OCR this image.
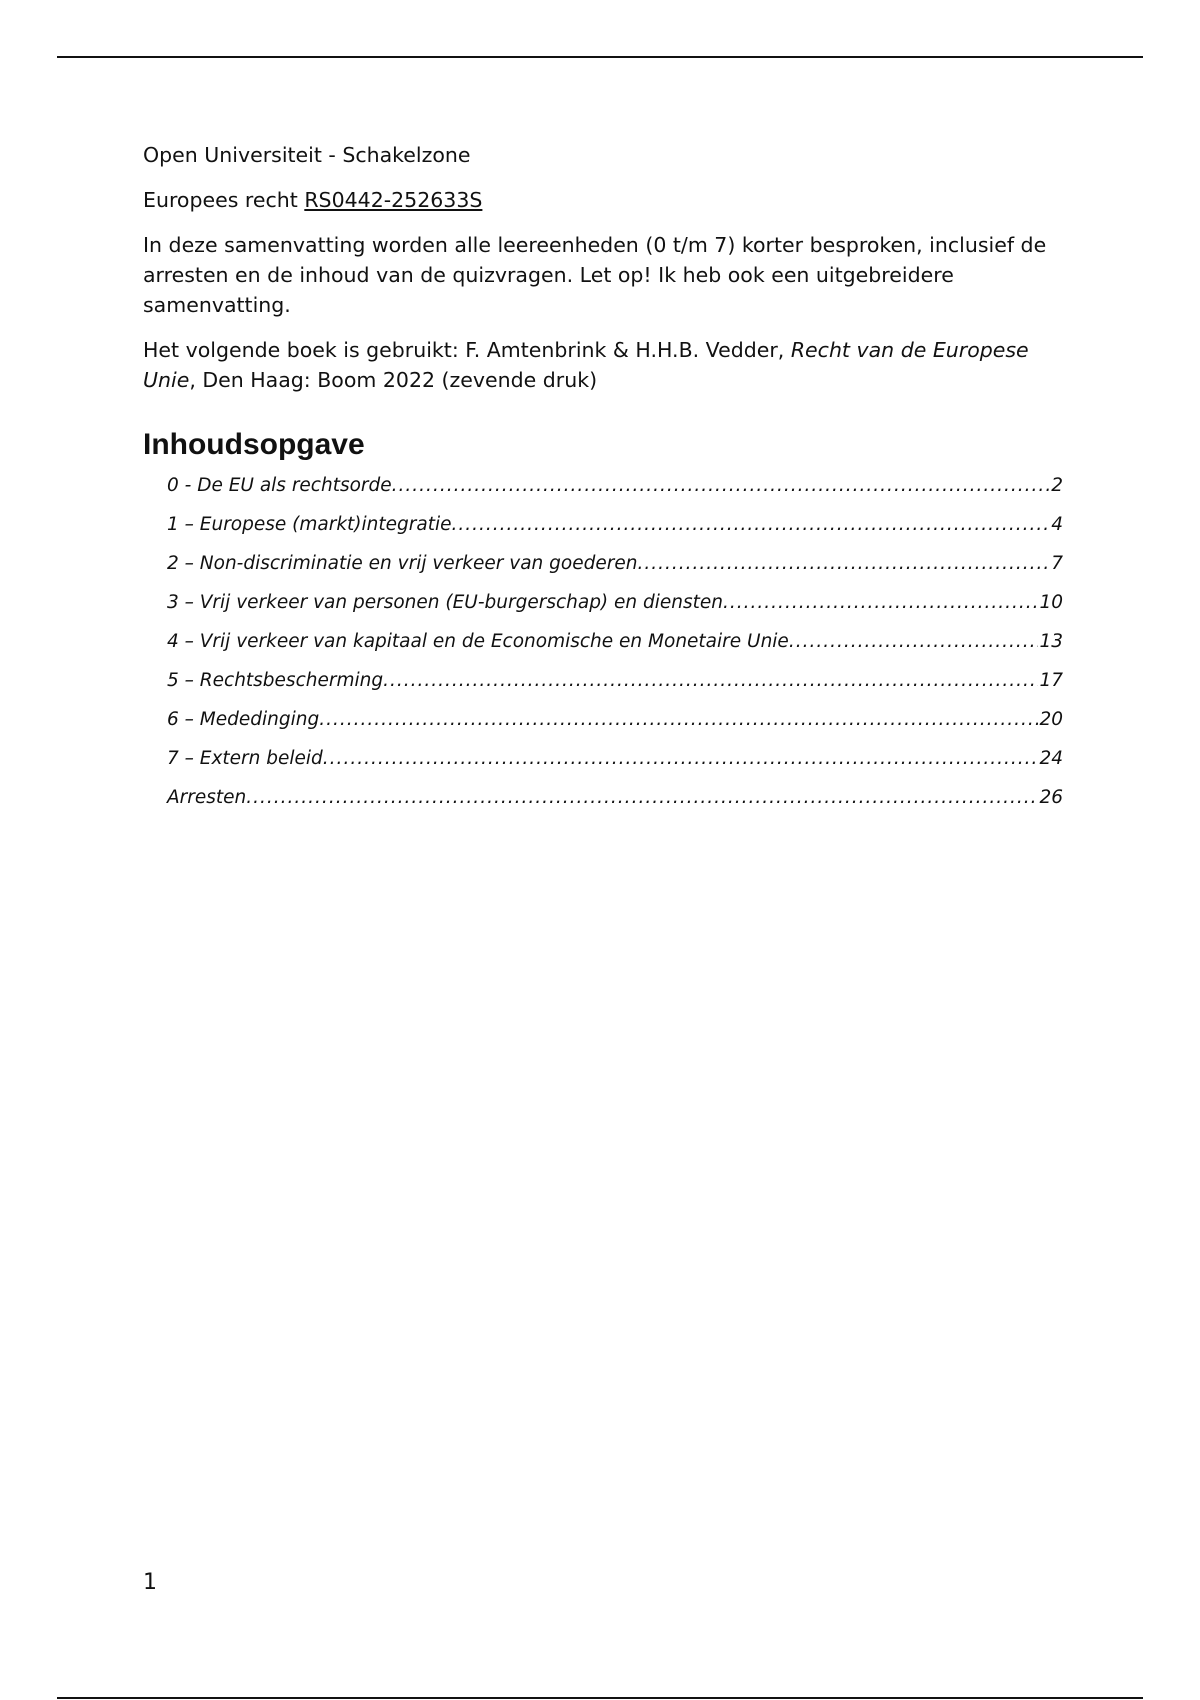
Open Universiteit - Schakelzone

Europees recht RS0442-252633S

In deze samenvatting worden alle leereenheden (0 t/m 7) korter besproken, inclusief de arresten en de inhoud van de quizvragen. Let op! Ik heb ook een uitgebreidere samenvatting.

Het volgende boek is gebruikt: F. Amtenbrink & H.H.B. Vedder, Recht van de Europese Unie, Den Haag: Boom 2022 (zevende druk)

Inhoudsopgave
0 - De EU als rechtsorde .....	2
1 – Europese (markt)integratie .....	4
2 – Non-discriminatie en vrij verkeer van goederen .....	7
3 – Vrij verkeer van personen (EU-burgerschap) en diensten .....	10
4 – Vrij verkeer van kapitaal en de Economische en Monetaire Unie .....	13
5 – Rechtsbescherming .....	17
6 – Mededinging .....	20
7 – Extern beleid .....	24
Arresten .....	26
1
